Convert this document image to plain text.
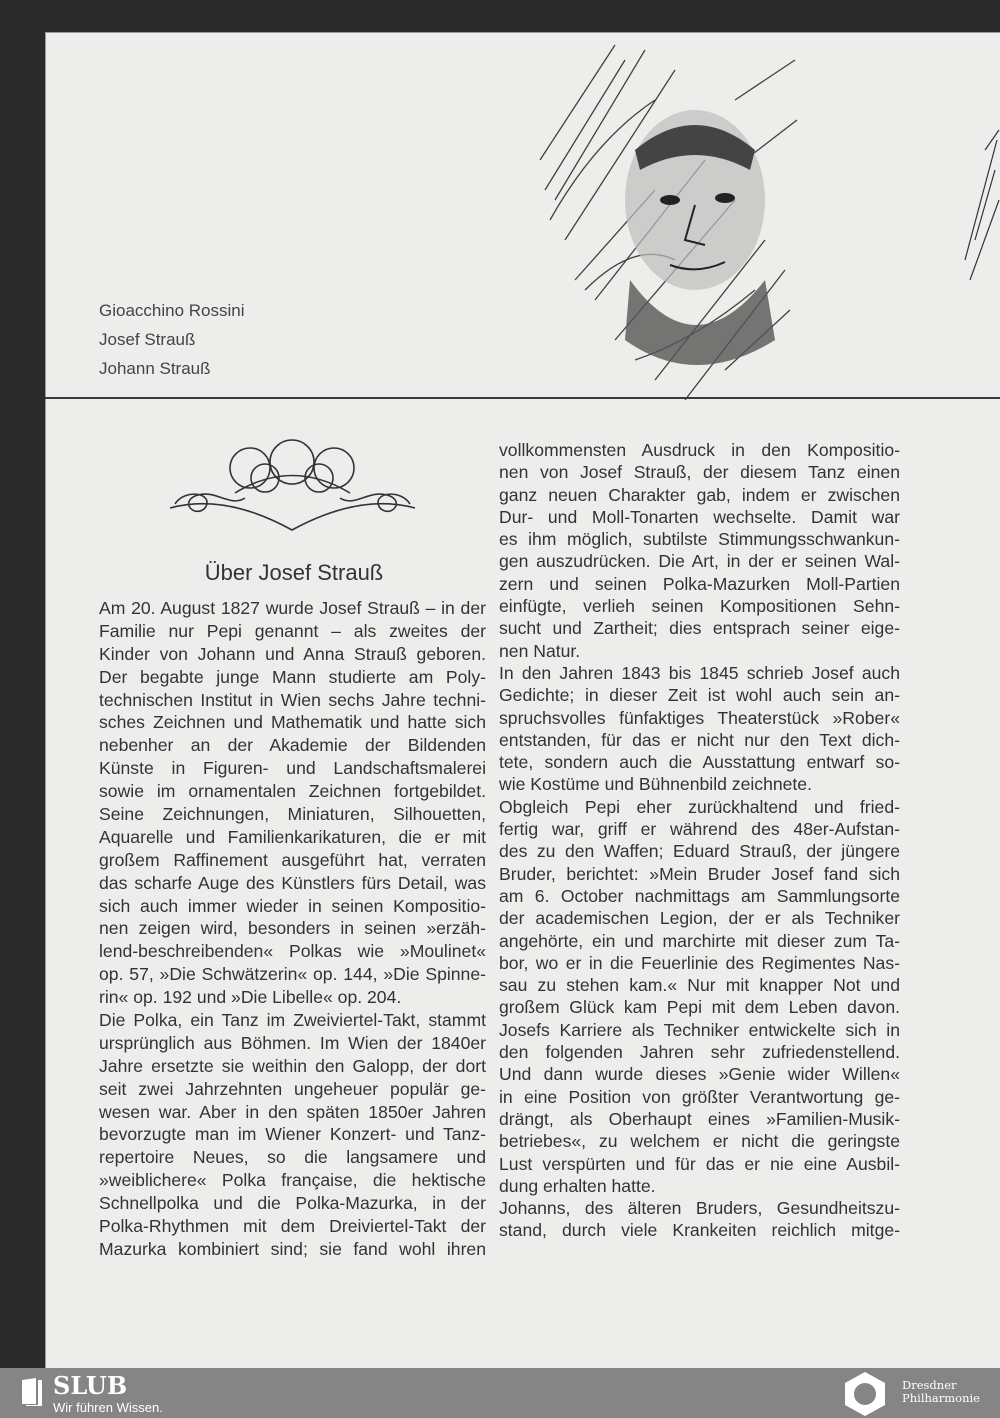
Gioacchino Rossini
Josef Strauß
Johann Strauß
Über Josef Strauß
Am 20. August 1827 wurde Josef Strauß – in der
Familie nur Pepi genannt – als zweites der
Kinder von Johann und Anna Strauß geboren.
Der begabte junge Mann studierte am Poly-
technischen Institut in Wien sechs Jahre techni-
sches Zeichnen und Mathematik und hatte sich
nebenher an der Akademie der Bildenden
Künste in Figuren- und Landschaftsmalerei
sowie im ornamentalen Zeichnen fortgebildet.
Seine Zeichnungen, Miniaturen, Silhouetten,
Aquarelle und Familienkarikaturen, die er mit
großem Raffinement ausgeführt hat, verraten
das scharfe Auge des Künstlers fürs Detail, was
sich auch immer wieder in seinen Kompositio-
nen zeigen wird, besonders in seinen »erzäh-
lend-beschreibenden« Polkas wie »Moulinet«
op. 57, »Die Schwätzerin« op. 144, »Die Spinne-
rin« op. 192 und »Die Libelle« op. 204.
Die Polka, ein Tanz im Zweiviertel-Takt, stammt
ursprünglich aus Böhmen. Im Wien der 1840er
Jahre ersetzte sie weithin den Galopp, der dort
seit zwei Jahrzehnten ungeheuer populär ge-
wesen war. Aber in den späten 1850er Jahren
bevorzugte man im Wiener Konzert- und Tanz-
repertoire Neues, so die langsamere und
»weiblichere« Polka française, die hektische
Schnellpolka und die Polka-Mazurka, in der
Polka-Rhythmen mit dem Dreiviertel-Takt der
Mazurka kombiniert sind; sie fand wohl ihren
vollkommensten Ausdruck in den Kompositio-
nen von Josef Strauß, der diesem Tanz einen
ganz neuen Charakter gab, indem er zwischen
Dur- und Moll-Tonarten wechselte. Damit war
es ihm möglich, subtilste Stimmungsschwankun-
gen auszudrücken. Die Art, in der er seinen Wal-
zern und seinen Polka-Mazurken Moll-Partien
einfügte, verlieh seinen Kompositionen Sehn-
sucht und Zartheit; dies entsprach seiner eige-
nen Natur.
In den Jahren 1843 bis 1845 schrieb Josef auch
Gedichte; in dieser Zeit ist wohl auch sein an-
spruchsvolles fünfaktiges Theaterstück »Rober«
entstanden, für das er nicht nur den Text dich-
tete, sondern auch die Ausstattung entwarf so-
wie Kostüme und Bühnenbild zeichnete.
Obgleich Pepi eher zurückhaltend und fried-
fertig war, griff er während des 48er-Aufstan-
des zu den Waffen; Eduard Strauß, der jüngere
Bruder, berichtet: »Mein Bruder Josef fand sich
am 6. October nachmittags am Sammlungsorte
der academischen Legion, der er als Techniker
angehörte, ein und marchirte mit dieser zum Ta-
bor, wo er in die Feuerlinie des Regimentes Nas-
sau zu stehen kam.« Nur mit knapper Not und
großem Glück kam Pepi mit dem Leben davon.
Josefs Karriere als Techniker entwickelte sich in
den folgenden Jahren sehr zufriedenstellend.
Und dann wurde dieses »Genie wider Willen«
in eine Position von größter Verantwortung ge-
drängt, als Oberhaupt eines »Familien-Musik-
betriebes«, zu welchem er nicht die geringste
Lust verspürten und für das er nie eine Ausbil-
dung erhalten hatte.
Johanns, des älteren Bruders, Gesundheitszu-
stand, durch viele Krankeiten reichlich mitge-
SLUB
Wir führen Wissen.
Dresdner
Philharmonie
